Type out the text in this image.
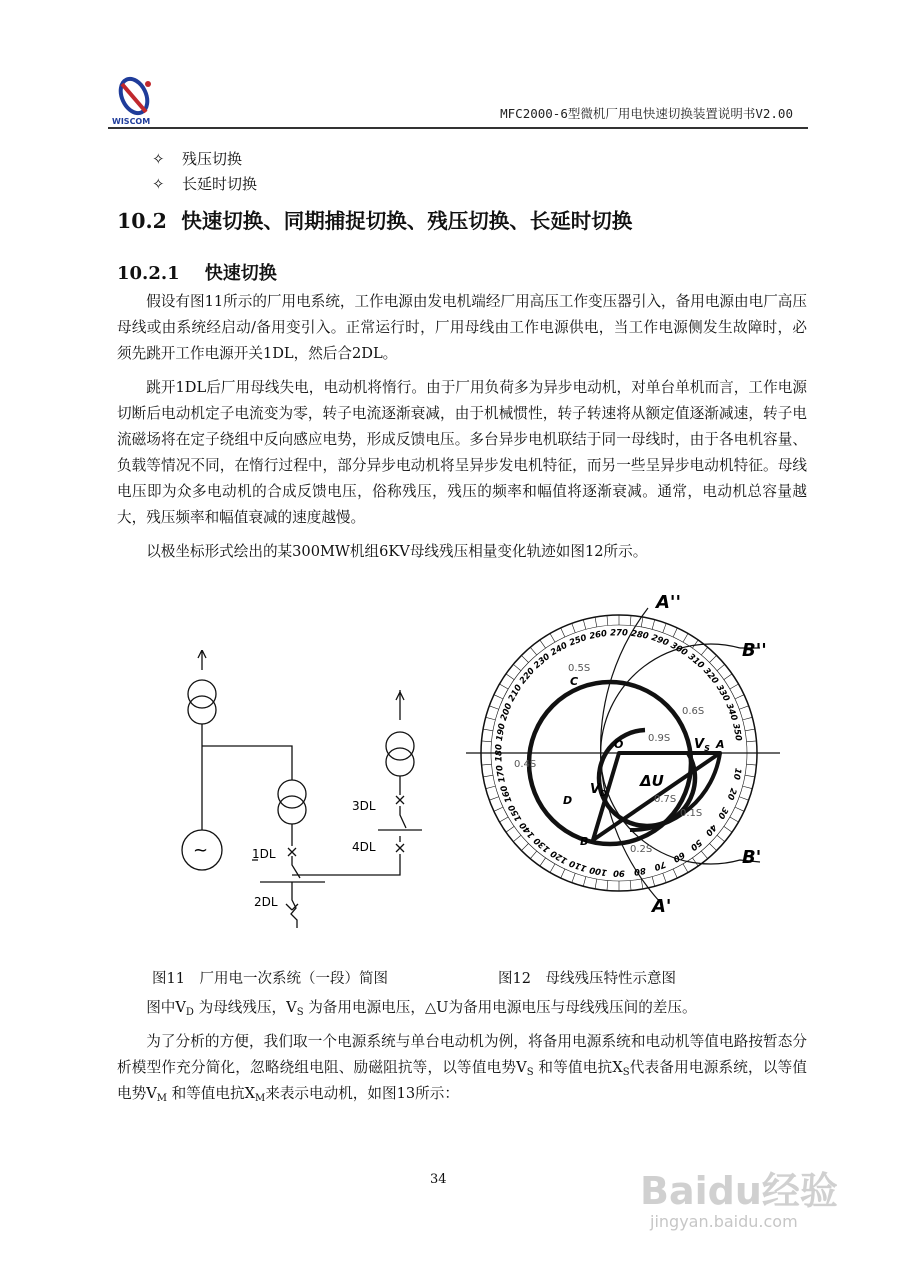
WISCOM
MFC2000-6型微机厂用电快速切换装置说明书V2.00
✧ 残压切换
✧ 长延时切换
10.2 快速切换、同期捕捉切换、残压切换、长延时切换
10.2.1 快速切换

假设有图11所示的厂用电系统，工作电源由发电机端经厂用高压工作变压器引入，备用电源由电厂高压母线或由系统经启动/备用变引入。正常运行时，厂用母线由工作电源供电，当工作电源侧发生故障时，必须先跳开工作电源开关1DL，然后合2DL。

跳开1DL后厂用母线失电，电动机将惰行。由于厂用负荷多为异步电动机，对单台单机而言，工作电源切断后电动机定子电流变为零，转子电流逐渐衰减，由于机械惯性，转子转速将从额定值逐渐减速，转子电流磁场将在定子绕组中反向感应电势，形成反馈电压。多台异步电机联结于同一母线时，由于各电机容量、负载等情况不同，在惰行过程中，部分异步电动机将呈异步发电机特征，而另一些呈异步电动机特征。母线电压即为众多电动机的合成反馈电压，俗称残压，残压的频率和幅值将逐渐衰减。通常，电动机总容量越大，残压频率和幅值衰减的速度越慢。

以极坐标形式绘出的某300MW机组6KV母线残压相量变化轨迹如图12所示。

~
3DL
4DL
1DL
2DL
10
20
30
40
50
60
70
80
90
100
110
120
130
140
150
160
170
180
190
200
210
220
230
240
250 260 270 280 290
300
310
320
330
340
350
A''
B''
B'
A'
O	A
B
C
D
$V_S$
$V_D$
ΔU
0.1S
0.2S
0.4S
0.5S
0.6S
0.7S
0.9S
图11　厂用电一次系统（一段）简图	图12　母线残压特性示意图

图中$V_D$ 为母线残压，$V_S$ 为备用电源电压，△U为备用电源电压与母线残压间的差压。

为了分析的方便，我们取一个电源系统与单台电动机为例，将备用电源系统和电动机等值电路按暂态分析模型作充分简化，忽略绕组电阻、励磁阻抗等，以等值电势$V_S$ 和等值电抗$X_S$代表备用电源系统，以等值电势$V_M$ 和等值电抗$X_M$来表示电动机，如图13所示：

34	Baidu经验
jingyan.baidu.com
